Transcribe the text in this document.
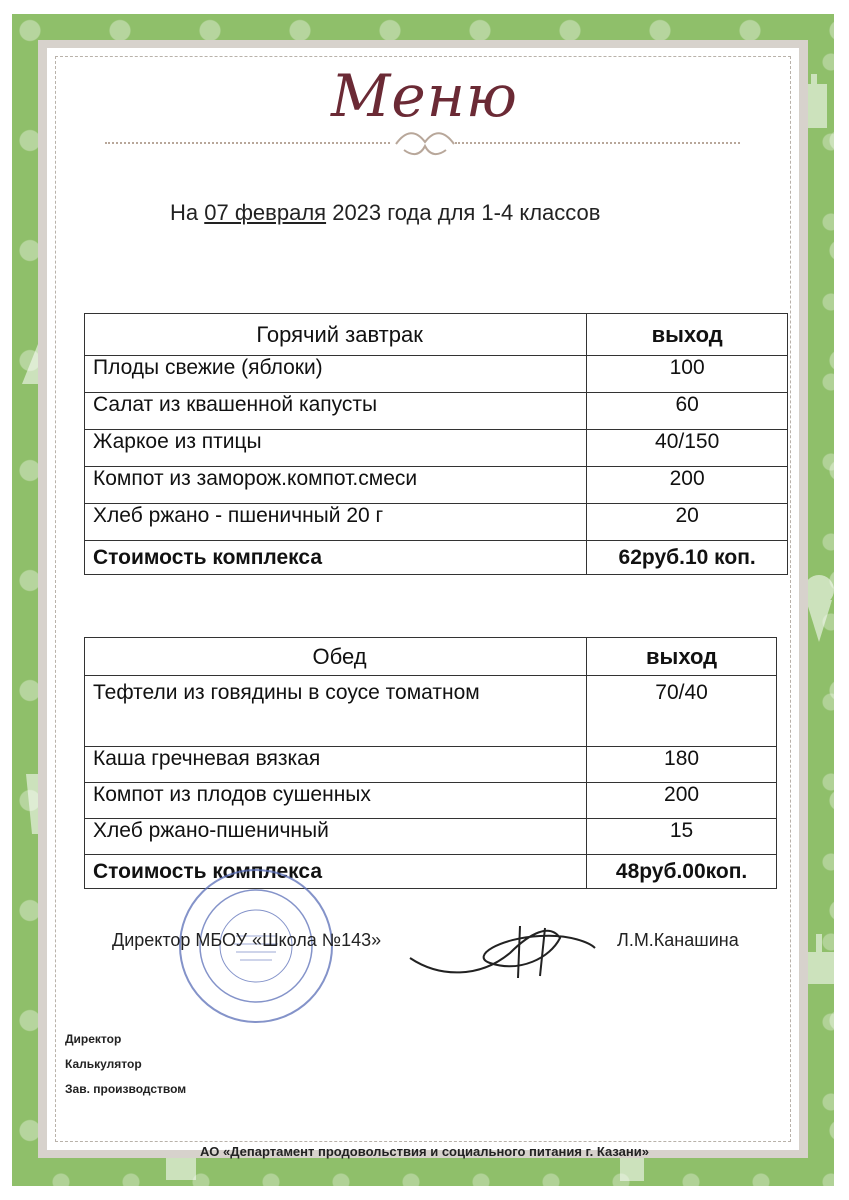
Меню
На 07 февраля 2023 года для 1-4 классов
Горячий завтрак	выход
Плоды свежие (яблоки)	100
Салат из квашенной капусты	60
Жаркое из птицы	40/150
Компот из заморож.компот.смеси	200
Хлеб ржано - пшеничный 20 г	20
Стоимость комплекса	62руб.10 коп.
Обед	выход
Тефтели из говядины в соусе томатном	70/40
Каша гречневая вязкая	180
Компот из плодов сушенных	200
Хлеб ржано-пшеничный	15
Стоимость комплекса	48руб.00коп.
Директор МБОУ «Школа №143»	Л.М.Канашина
Директор
Калькулятор
Зав. производством
АО «Департамент продовольствия и социального питания г. Казани»
